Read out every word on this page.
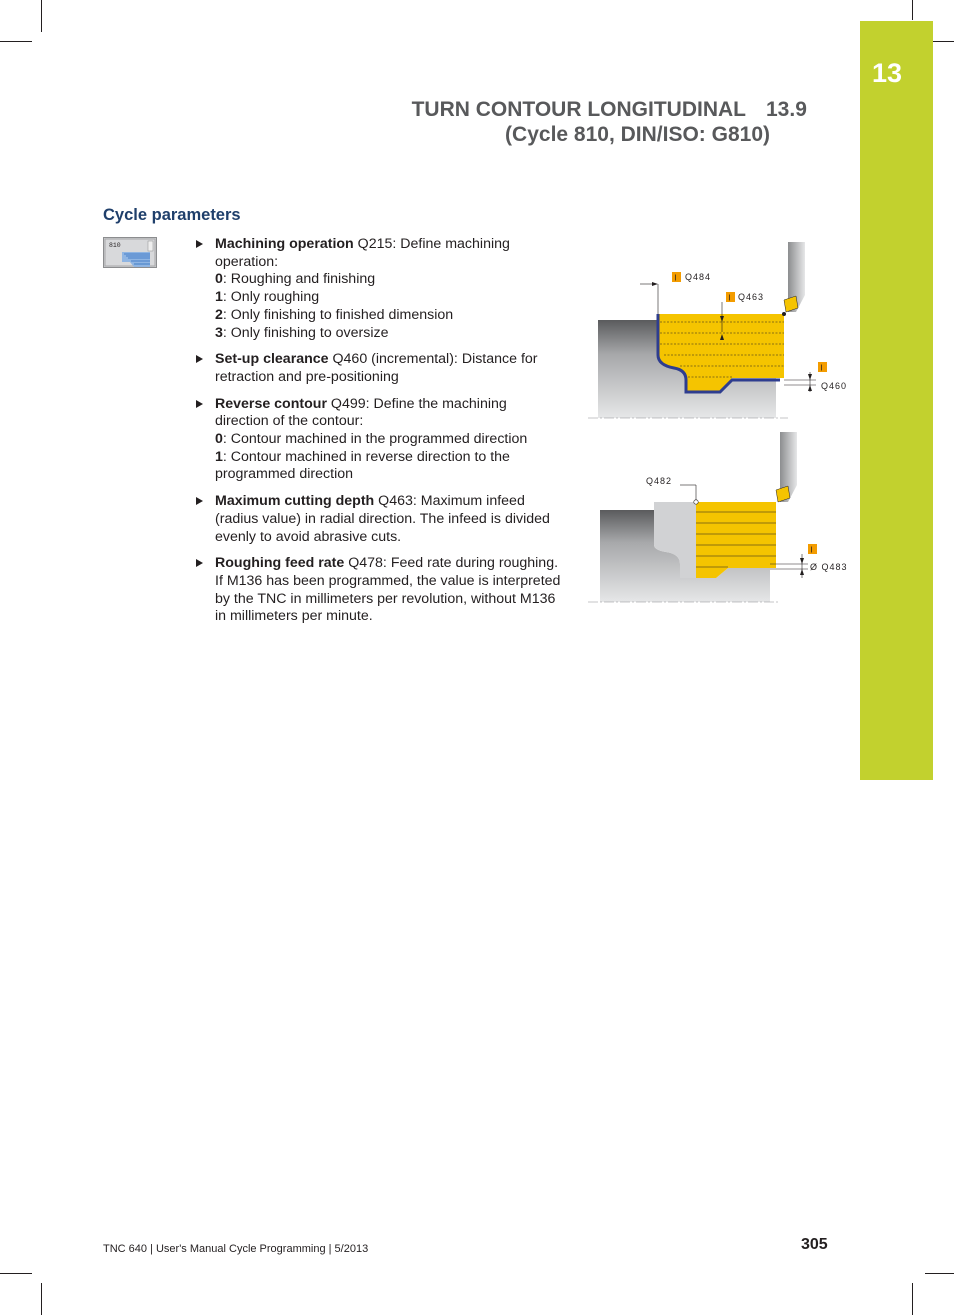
13
TURN CONTOUR LONGITUDINAL 13.9
(Cycle 810, DIN/ISO: G810)
Cycle parameters
810	Machining operation Q215: Define machining operation:
0: Roughing and finishing
1: Only roughing
2: Only finishing to finished dimension
3: Only finishing to oversize
Set-up clearance Q460 (incremental): Distance for retraction and pre-positioning
Reverse contour Q499: Define the machining direction of the contour:
0: Contour machined in the programmed direction
1: Contour machined in reverse direction to the programmed direction
Maximum cutting depth Q463: Maximum infeed (radius value) in radial direction. The infeed is divided evenly to avoid abrasive cuts.
Roughing feed rate Q478: Feed rate during roughing. If M136 has been programmed, the value is interpreted by the TNC in millimeters per revolution, without M136 in millimeters per minute.
I Q484
I Q463
I
Q460
Q482
I
Ø Q483
TNC 640 | User's Manual Cycle Programming | 5/2013	305
